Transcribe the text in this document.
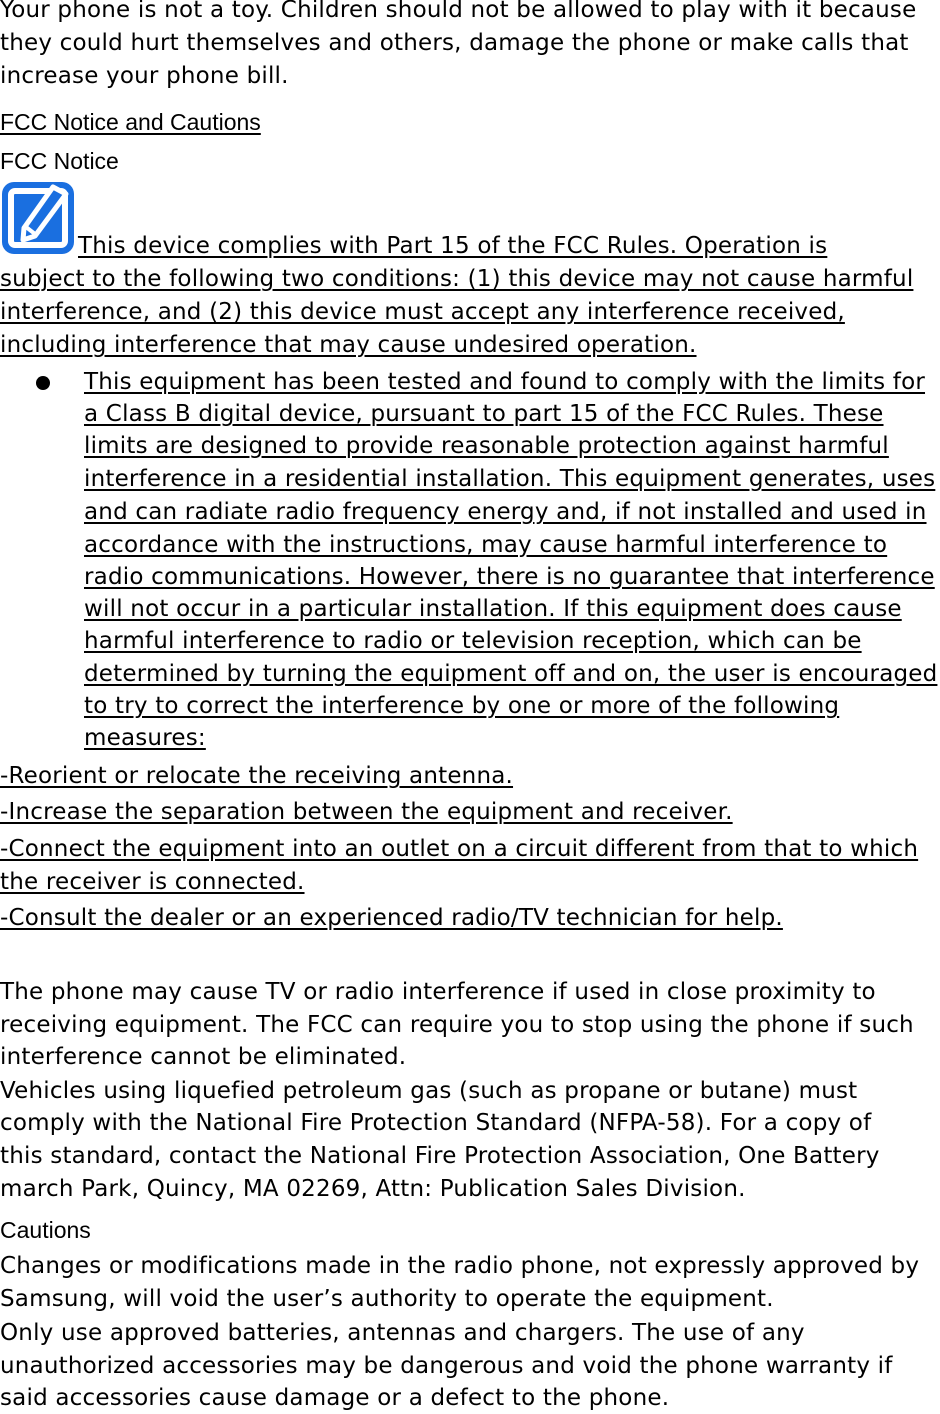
Your phone is not a toy. Children should not be allowed to play with it because
they could hurt themselves and others, damage the phone or make calls that
increase your phone bill.
FCC Notice and Cautions
FCC Notice
This device complies with Part 15 of the FCC Rules. Operation is
subject to the following two conditions: (1) this device may not cause harmful
interference, and (2) this device must accept any interference received,
including interference that may cause undesired operation.
This equipment has been tested and found to comply with the limits for
a Class B digital device, pursuant to part 15 of the FCC Rules. These
limits are designed to provide reasonable protection against harmful
interference in a residential installation. This equipment generates, uses
and can radiate radio frequency energy and, if not installed and used in
accordance with the instructions, may cause harmful interference to
radio communications. However, there is no guarantee that interference
will not occur in a particular installation. If this equipment does cause
harmful interference to radio or television reception, which can be
determined by turning the equipment off and on, the user is encouraged
to try to correct the interference by one or more of the following
measures:
-Reorient or relocate the receiving antenna.
-Increase the separation between the equipment and receiver.
-Connect the equipment into an outlet on a circuit different from that to which
the receiver is connected.
-Consult the dealer or an experienced radio/TV technician for help.
The phone may cause TV or radio interference if used in close proximity to
receiving equipment. The FCC can require you to stop using the phone if such
interference cannot be eliminated.
Vehicles using liquefied petroleum gas (such as propane or butane) must
comply with the National Fire Protection Standard (NFPA-58). For a copy of
this standard, contact the National Fire Protection Association, One Battery
march Park, Quincy, MA 02269, Attn: Publication Sales Division.
Cautions
Changes or modifications made in the radio phone, not expressly approved by
Samsung, will void the user’s authority to operate the equipment.
Only use approved batteries, antennas and chargers. The use of any
unauthorized accessories may be dangerous and void the phone warranty if
said accessories cause damage or a defect to the phone.
